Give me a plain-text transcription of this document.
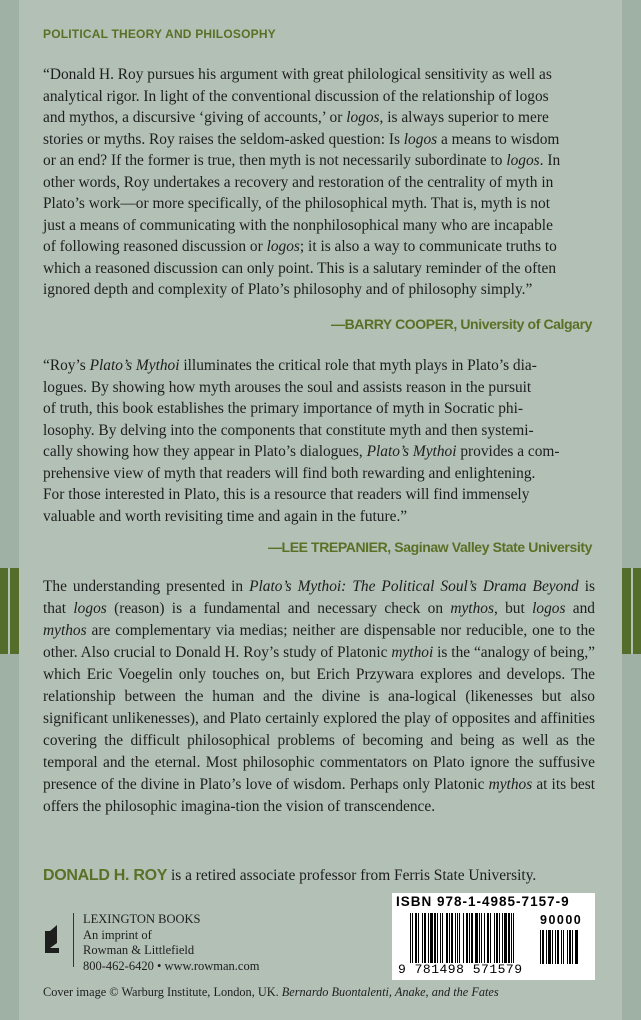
POLITICAL THEORY AND PHILOSOPHY

“Donald H. Roy pursues his argument with great philological sensitivity as well as

analytical rigor. In light of the conventional discussion of the relationship of logos

and mythos, a discursive ‘giving of accounts,’ or logos, is always superior to mere

stories or myths. Roy raises the seldom-asked question: Is logos a means to wisdom

or an end? If the former is true, then myth is not necessarily subordinate to logos. In

other words, Roy undertakes a recovery and restoration of the centrality of myth in

Plato’s work—or more specifically, of the philosophical myth. That is, myth is not

just a means of communicating with the nonphilosophical many who are incapable

of following reasoned discussion or logos; it is also a way to communicate truths to

which a reasoned discussion can only point. This is a salutary reminder of the often

ignored depth and complexity of Plato’s philosophy and of philosophy simply.”

—BARRY COOPER, University of Calgary

“Roy’s Plato’s Mythoi illuminates the critical role that myth plays in Plato’s dia-

logues. By showing how myth arouses the soul and assists reason in the pursuit

of truth, this book establishes the primary importance of myth in Socratic phi-

losophy. By delving into the components that constitute myth and then systemi-

cally showing how they appear in Plato’s dialogues, Plato’s Mythoi provides a com-

prehensive view of myth that readers will find both rewarding and enlightening.

For those interested in Plato, this is a resource that readers will find immensely

valuable and worth revisiting time and again in the future.”

—LEE TREPANIER, Saginaw Valley State University

The understanding presented in Plato’s Mythoi: The Political Soul’s Drama Beyond is that logos (reason) is a fundamental and necessary check on mythos, but logos and mythos are complementary via medias; neither are dispensable nor reducible, one to the other. Also crucial to Donald H. Roy’s study of Platonic mythoi is the “analogy of being,” which Eric Voegelin only touches on, but Erich Przywara explores and develops. The relationship between the human and the divine is ana-logical (likenesses but also significant unlikenesses), and Plato certainly explored the play of opposites and affinities covering the difficult philosophical problems of becoming and being as well as the temporal and the eternal. Most philosophic commentators on Plato ignore the suffusive presence of the divine in Plato’s love of wisdom. Perhaps only Platonic mythos at its best offers the philosophic imagina-tion the vision of transcendence.

DONALD H. ROY is a retired associate professor from Ferris State University.
LEXINGTON BOOKS
An imprint of
Rowman & Littlefield
800-462-6420 • www.rowman.com
ISBN 978-1-4985-7157-9
90000
9 781498 571579
Cover image © Warburg Institute, London, UK. Bernardo Buontalenti, Anake, and the Fates
